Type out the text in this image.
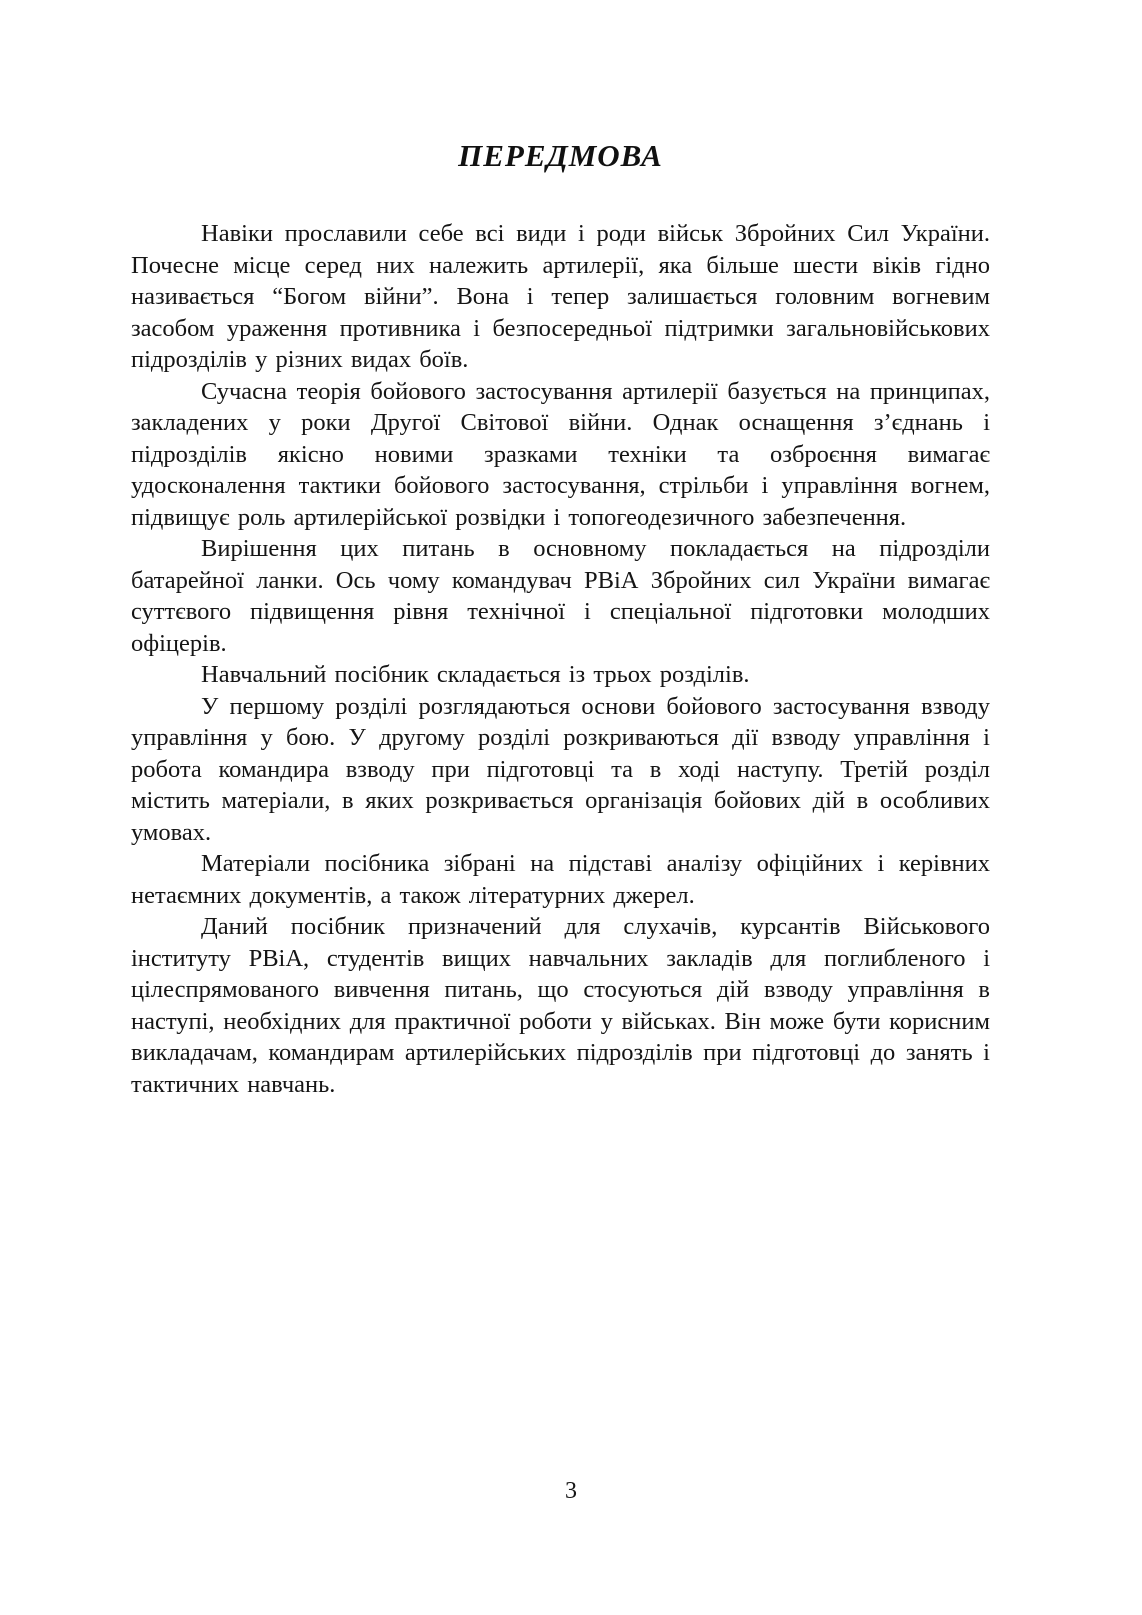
ПЕРЕДМОВА

Навіки прославили себе всі види і роди військ Збройних Сил України. Почесне місце серед них належить артилерії, яка більше шести віків гідно називається “Богом війни”. Вона і тепер залишається головним вогневим засобом ураження противника і безпосередньої підтримки загальновійськових підрозділів у різних видах боїв.

Сучасна теорія бойового застосування артилерії базується на принципах, закладених у роки Другої Світової війни. Однак оснащення з’єднань і підрозділів якісно новими зразками техніки та озброєння вимагає удосконалення тактики бойового застосування, стрільби і управління вогнем, підвищує роль артилерійської розвідки і топогеодезичного забезпечення.

Вирішення цих питань в основному покладається на підрозділи батарейної ланки. Ось чому командувач РВіА Збройних сил України вимагає суттєвого підвищення рівня технічної і спеціальної підготовки молодших офіцерів.

Навчальний посібник складається із трьох розділів.

У першому розділі розглядаються основи бойового застосування взводу управління у бою. У другому розділі розкриваються дії взводу управління і робота командира взводу при підготовці та в ході наступу. Третій розділ містить матеріали, в яких розкривається організація бойових дій в особливих умовах.

Матеріали посібника зібрані на підставі аналізу офіційних і керівних нетаємних документів, а також літературних джерел.

Даний посібник призначений для слухачів, курсантів Військового інституту РВіА, студентів вищих навчальних закладів для поглибленого і цілеспрямованого вивчення питань, що стосуються дій взводу управління в наступі, необхідних для практичної роботи у військах. Він може бути корисним викладачам, командирам артилерійських підрозділів при підготовці до занять і тактичних навчань.

3
